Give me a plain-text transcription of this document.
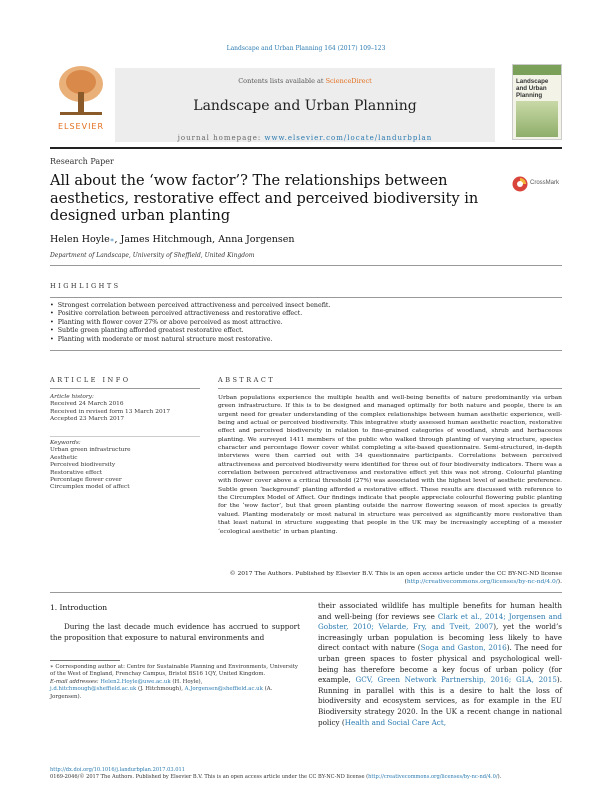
Landscape and Urban Planning 164 (2017) 109–123
ELSEVIER
Contents lists available at ScienceDirect
Landscape and Urban Planning
journal homepage: www.elsevier.com/locate/landurbplan
Landscape and Urban Planning
Research Paper
All about the ‘wow factor’? The relationships between aesthetics, restorative effect and perceived biodiversity in designed urban planting
CrossMark
Helen Hoyle∗, James Hitchmough, Anna Jorgensen
Department of Landscape, University of Sheffield, United Kingdom
HIGHLIGHTS
• Strongest correlation between perceived attractiveness and perceived insect benefit.
• Positive correlation between perceived attractiveness and restorative effect.
• Planting with flower cover 27% or above perceived as most attractive.
• Subtle green planting afforded greatest restorative effect.
• Planting with moderate or most natural structure most restorative.
ARTICLE INFO	ABSTRACT
Article history:
Received 24 March 2016
Received in revised form 13 March 2017
Accepted 23 March 2017
Keywords:
Urban green infrastructure
Aesthetic
Perceived biodiversity
Restorative effect
Percentage flower cover
Circumplex model of affect

Urban populations experience the multiple health and well-being benefits of nature predominantly via urban green infrastructure. If this is to be designed and managed optimally for both nature and people, there is an urgent need for greater understanding of the complex relationships between human aesthetic experience, well-being and actual or perceived biodiversity. This integrative study assessed human aesthetic reaction, restorative effect and perceived biodiversity in relation to fine-grained categories of woodland, shrub and herbaceous planting. We surveyed 1411 members of the public who walked through planting of varying structure, species character and percentage flower cover whilst completing a site-based questionnaire. Semi-structured, in-depth interviews were then carried out with 34 questionnaire participants. Correlations between perceived attractiveness and perceived biodiversity were identified for three out of four biodiversity indicators. There was a correlation between perceived attractiveness and restorative effect yet this was not strong. Colourful planting with flower cover above a critical threshold (27%) was associated with the highest level of aesthetic preference. Subtle green ‘background’ planting afforded a restorative effect. These results are discussed with reference to the Circumplex Model of Affect. Our findings indicate that people appreciate colourful flowering public planting for the ‘wow factor’, but that green planting outside the narrow flowering season of most species is greatly valued. Planting moderately or most natural in structure was perceived as significantly more restorative than that least natural in structure suggesting that people in the UK may be increasingly accepting of a messier ‘ecological aesthetic’ in urban planting.

© 2017 The Authors. Published by Elsevier B.V. This is an open access article under the CC BY-NC-ND license (http://creativecommons.org/licenses/by-nc-nd/4.0/).

1. Introduction

During the last decade much evidence has accrued to support the proposition that exposure to natural environments and

their associated wildlife has multiple benefits for human health and well-being (for reviews see Clark et al., 2014; Jorgensen and Gobster, 2010; Velarde, Fry, and Tveit, 2007), yet the world’s increasingly urban population is becoming less likely to have direct contact with nature (Soga and Gaston, 2016). The need for urban green spaces to foster physical and psychological well-being has therefore become a key focus of urban policy (for example, GCV, Green Network Partnership, 2016; GLA, 2015). Running in parallel with this is a desire to halt the loss of biodiversity and ecosystem services, as for example in the EU Biodiversity strategy 2020. In the UK a recent change in national policy (Health and Social Care Act,

∗ Corresponding author at: Centre for Sustainable Planning and Environments, University of the West of England, Frenchay Campus, Bristol BS16 1QY, United Kingdom.
E-mail addresses: Helen2.Hoyle@uwe.ac.uk (H. Hoyle),
j.d.hitchmough@sheffield.ac.uk (J. Hitchmough), A.Jorgensen@sheffield.ac.uk (A. Jorgensen).

http://dx.doi.org/10.1016/j.landurbplan.2017.03.011
0169-2046/© 2017 The Authors. Published by Elsevier B.V. This is an open access article under the CC BY-NC-ND license (http://creativecommons.org/licenses/by-nc-nd/4.0/).
